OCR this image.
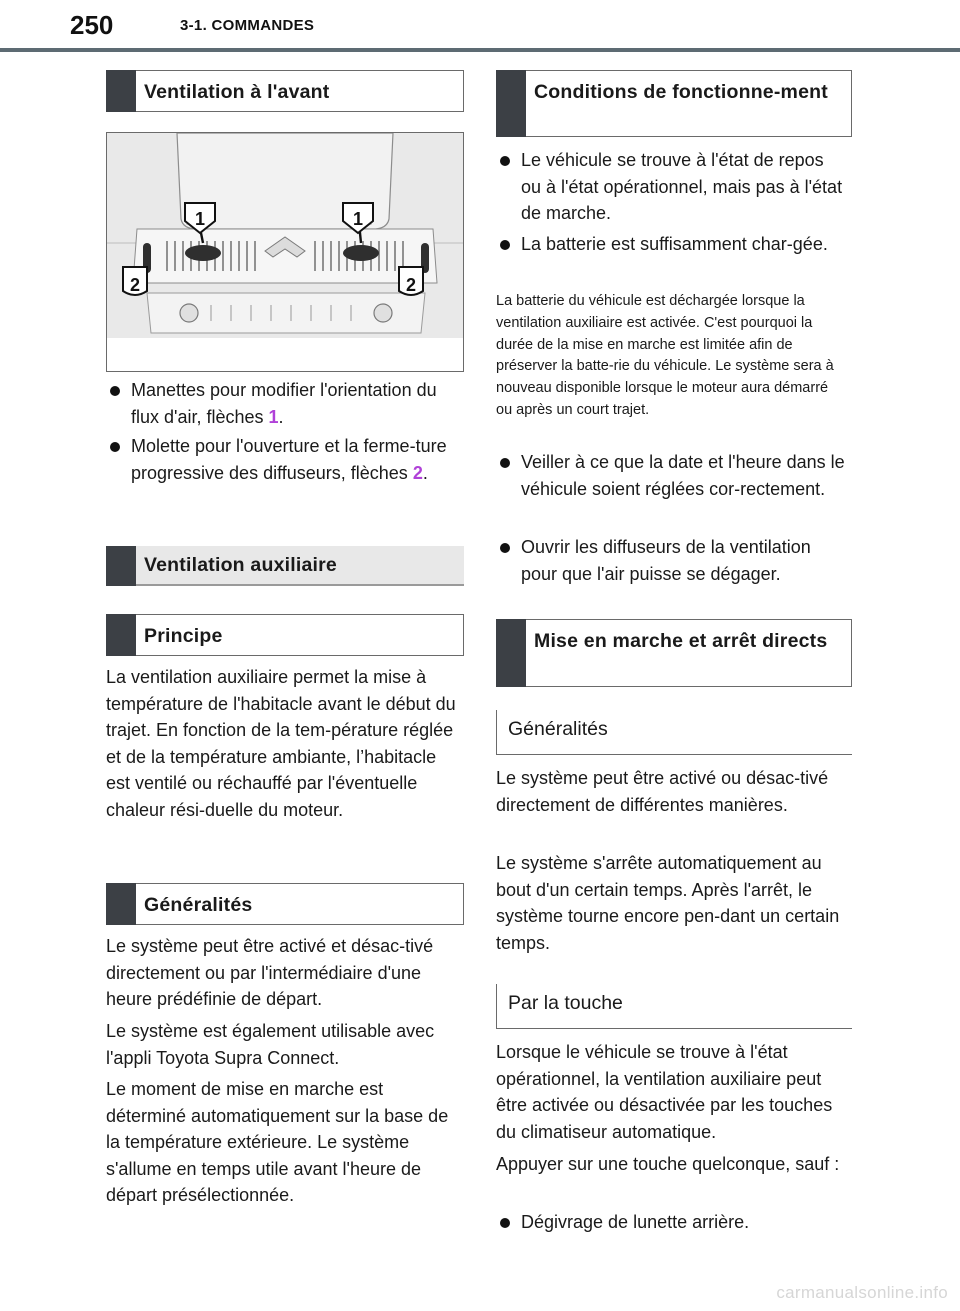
250	3-1. COMMANDES
Ventilation à l'avant
1	1
2	2
Manettes pour modifier l'orientation du flux d'air, flèches 1.
Molette pour l'ouverture et la ferme-ture progressive des diffuseurs, flèches 2.
Ventilation auxiliaire
Principe

La ventilation auxiliaire permet la mise à température de l'habitacle avant le début du trajet. En fonction de la tem-pérature réglée et de la température ambiante, l’habitacle est ventilé ou réchauffé par l'éventuelle chaleur rési-duelle du moteur.

Généralités

Le système peut être activé et désac-tivé directement ou par l'intermédiaire d'une heure prédéfinie de départ.

Le système est également utilisable avec l'appli Toyota Supra Connect.

Le moment de mise en marche est déterminé automatiquement sur la base de la température extérieure. Le système s'allume en temps utile avant l'heure de départ présélectionnée.

Conditions de fonctionne-ment
Le véhicule se trouve à l'état de repos ou à l'état opérationnel, mais pas à l'état de marche.
La batterie est suffisamment char-gée.

La batterie du véhicule est déchargée lorsque la ventilation auxiliaire est activée. C'est pourquoi la durée de la mise en marche est limitée afin de préserver la batte-rie du véhicule. Le système sera à nouveau disponible lorsque le moteur aura démarré ou après un court trajet.

Veiller à ce que la date et l'heure dans le véhicule soient réglées cor-rectement.
Ouvrir les diffuseurs de la ventilation pour que l'air puisse se dégager.
Mise en marche et arrêt directs
Généralités

Le système peut être activé ou désac-tivé directement de différentes manières.

Le système s'arrête automatiquement au bout d'un certain temps. Après l'arrêt, le système tourne encore pen-dant un certain temps.

Par la touche

Lorsque le véhicule se trouve à l'état opérationnel, la ventilation auxiliaire peut être activée ou désactivée par les touches du climatiseur automatique.

Appuyer sur une touche quelconque, sauf :

Dégivrage de lunette arrière.
carmanualsonline.info
